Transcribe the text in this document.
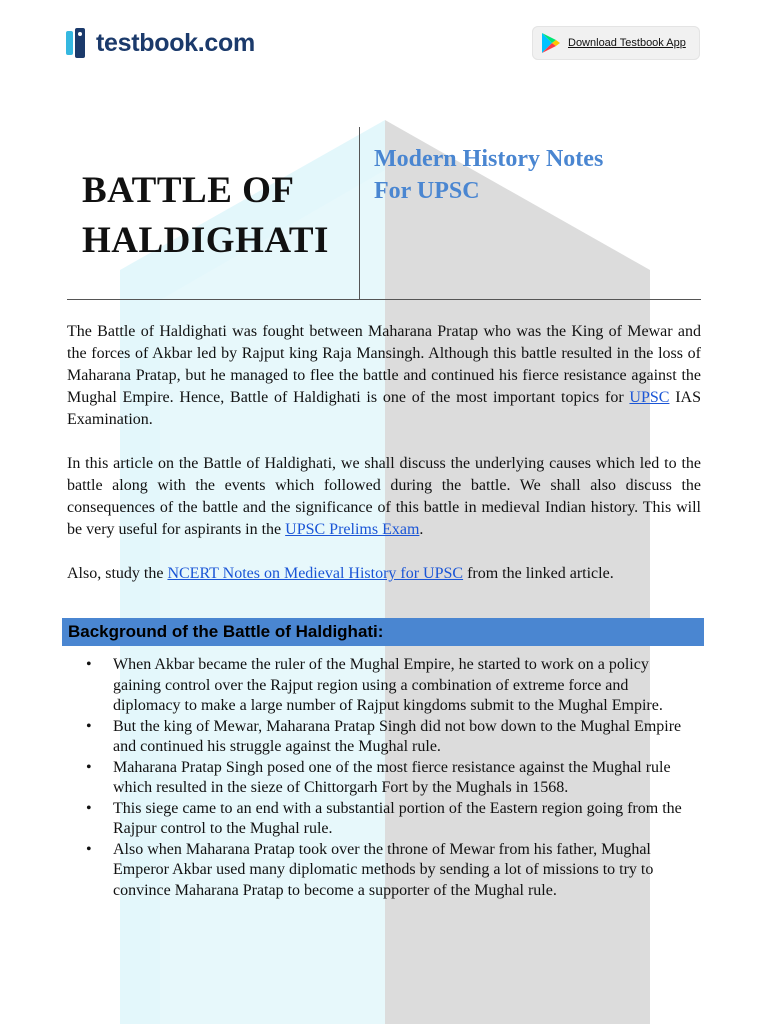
testbook.com	Download Testbook App
BATTLE OF
HALDIGHATI
Modern History Notes
For UPSC

The Battle of Haldighati was fought between Maharana Pratap who was the King of Mewar and the forces of Akbar led by Rajput king Raja Mansingh. Although this battle resulted in the loss of Maharana Pratap, but he managed to flee the battle and continued his fierce resistance against the Mughal Empire. Hence, Battle of Haldighati is one of the most important topics for UPSC IAS Examination.

In this article on the Battle of Haldighati, we shall discuss the underlying causes which led to the battle along with the events which followed during the battle. We shall also discuss the consequences of the battle and the significance of this battle in medieval Indian history. This will be very useful for aspirants in the UPSC Prelims Exam.

Also, study the NCERT Notes on Medieval History for UPSC from the linked article.

Background of the Battle of Haldighati:
• When Akbar became the ruler of the Mughal Empire, he started to work on a policy gaining control over the Rajput region using a combination of extreme force and diplomacy to make a large number of Rajput kingdoms submit to the Mughal Empire.
• But the king of Mewar, Maharana Pratap Singh did not bow down to the Mughal Empire and continued his struggle against the Mughal rule.
• Maharana Pratap Singh posed one of the most fierce resistance against the Mughal rule which resulted in the sieze of Chittorgarh Fort by the Mughals in 1568.
• This siege came to an end with a substantial portion of the Eastern region going from the Rajpur control to the Mughal rule.
• Also when Maharana Pratap took over the throne of Mewar from his father, Mughal Emperor Akbar used many diplomatic methods by sending a lot of missions to try to convince Maharana Pratap to become a supporter of the Mughal rule.
